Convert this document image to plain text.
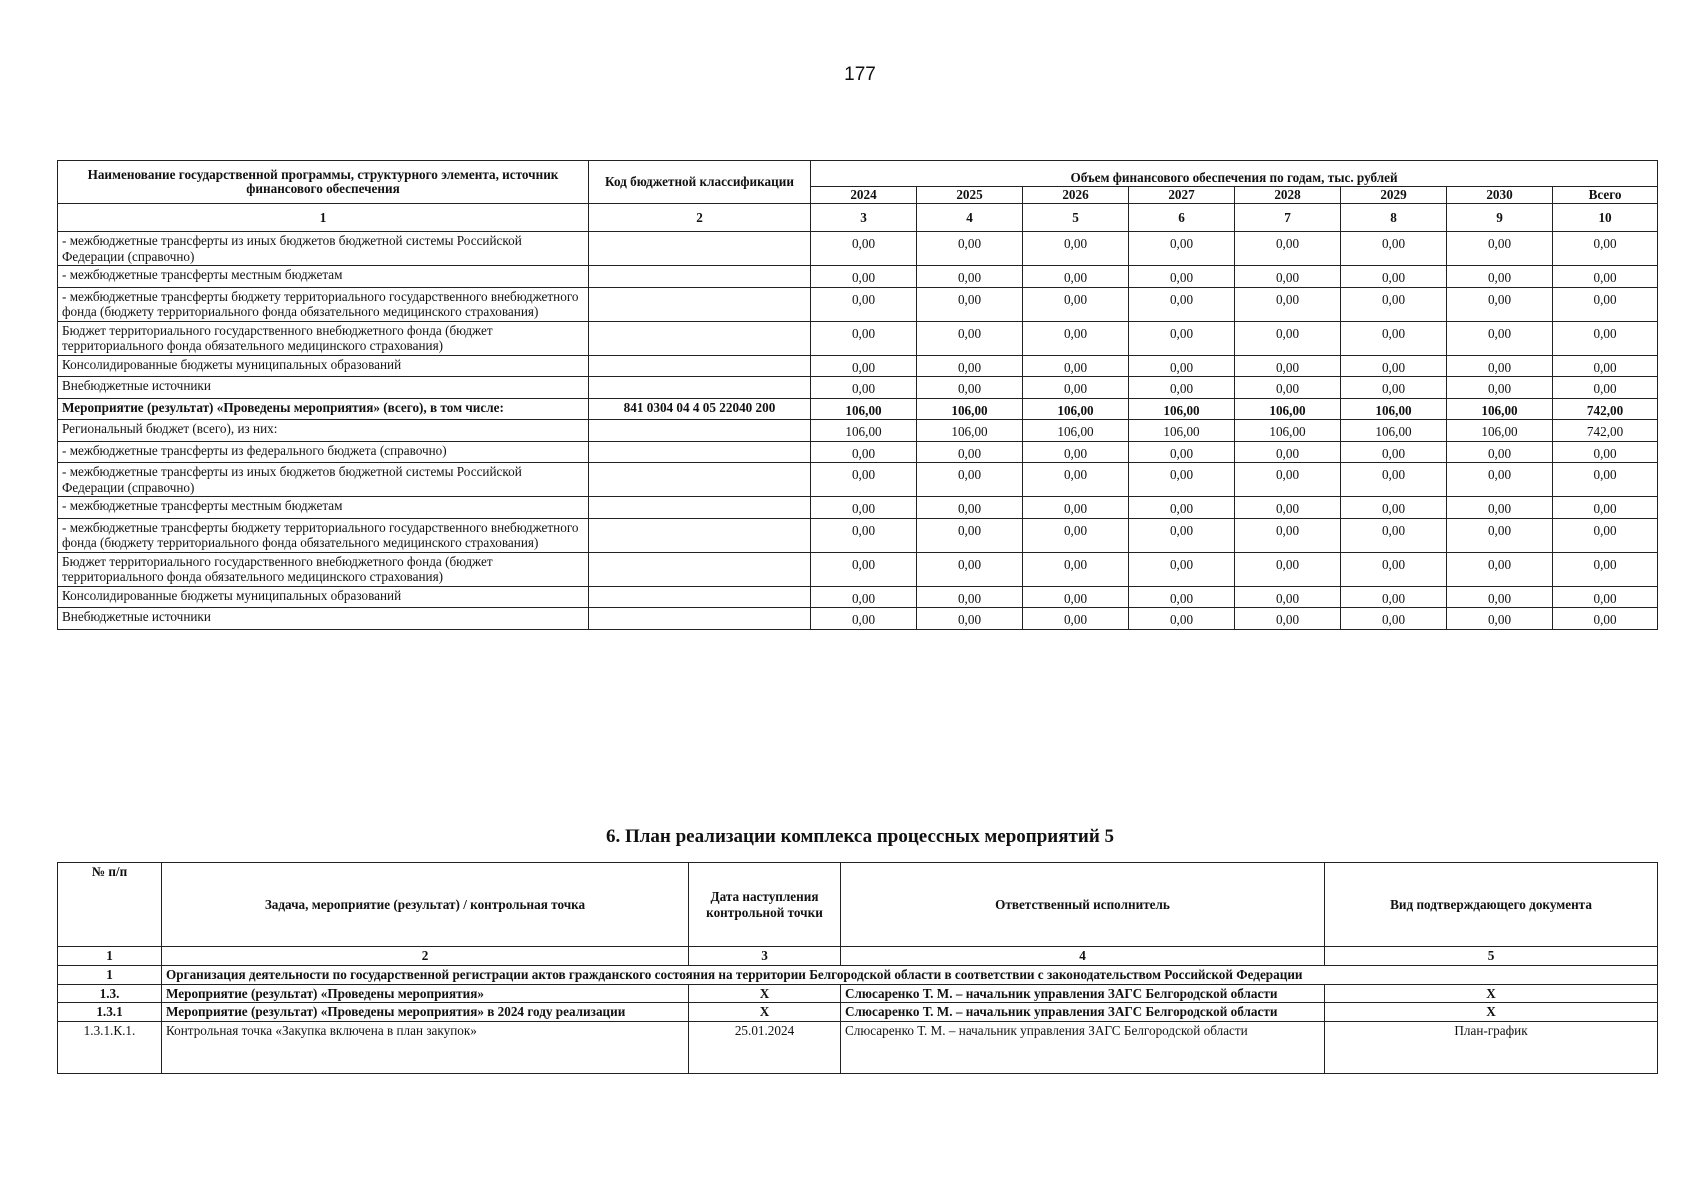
177
Наименование государственной программы, структурного элемента, источник финансового обеспечения	Код бюджетной классификации	Объем финансового обеспечения по годам, тыс. рублей							
		2024	2025	2026	2027	2028	2029	2030	Всего
1	2	3	4	5	6	7	8	9	10
- межбюджетные трансферты из иных бюджетов бюджетной системы Российской Федерации (справочно)		0,00	0,00	0,00	0,00	0,00	0,00	0,00	0,00
- межбюджетные трансферты местным бюджетам		0,00	0,00	0,00	0,00	0,00	0,00	0,00	0,00
- межбюджетные трансферты бюджету территориального государственного внебюджетного фонда (бюджету территориального фонда обязательного медицинского страхования)		0,00	0,00	0,00	0,00	0,00	0,00	0,00	0,00
Бюджет территориального государственного внебюджетного фонда (бюджет территориального фонда обязательного медицинского страхования)		0,00	0,00	0,00	0,00	0,00	0,00	0,00	0,00
Консолидированные бюджеты муниципальных образований		0,00	0,00	0,00	0,00	0,00	0,00	0,00	0,00
Внебюджетные источники		0,00	0,00	0,00	0,00	0,00	0,00	0,00	0,00
Мероприятие (результат) «Проведены мероприятия» (всего), в том числе:	841 0304 04 4 05 22040 200	106,00	106,00	106,00	106,00	106,00	106,00	106,00	742,00
Региональный бюджет (всего), из них:		106,00	106,00	106,00	106,00	106,00	106,00	106,00	742,00
- межбюджетные трансферты из федерального бюджета (справочно)		0,00	0,00	0,00	0,00	0,00	0,00	0,00	0,00
- межбюджетные трансферты из иных бюджетов бюджетной системы Российской Федерации (справочно)		0,00	0,00	0,00	0,00	0,00	0,00	0,00	0,00
- межбюджетные трансферты местным бюджетам		0,00	0,00	0,00	0,00	0,00	0,00	0,00	0,00
- межбюджетные трансферты бюджету территориального государственного внебюджетного фонда (бюджету территориального фонда обязательного медицинского страхования)		0,00	0,00	0,00	0,00	0,00	0,00	0,00	0,00
Бюджет территориального государственного внебюджетного фонда (бюджет территориального фонда обязательного медицинского страхования)		0,00	0,00	0,00	0,00	0,00	0,00	0,00	0,00
Консолидированные бюджеты муниципальных образований		0,00	0,00	0,00	0,00	0,00	0,00	0,00	0,00
Внебюджетные источники		0,00	0,00	0,00	0,00	0,00	0,00	0,00	0,00
6. План реализации комплекса процессных мероприятий 5
№ п/п	Задача, мероприятие (результат) / контрольная точка	Дата наступления контрольной точки	Ответственный исполнитель	Вид подтверждающего документа
1	2	3	4	5
1	Организация деятельности по государственной регистрации актов гражданского состояния на территории Белгородской области в соответствии с законодательством Российской Федерации			
1.3.	Мероприятие (результат) «Проведены мероприятия»	Х	Слюсаренко Т. М. – начальник управления ЗАГС Белгородской области	Х
1.3.1	Мероприятие (результат) «Проведены мероприятия» в 2024 году реализации	Х	Слюсаренко Т. М. – начальник управления ЗАГС Белгородской области	Х
1.3.1.К.1.	Контрольная точка «Закупка включена в план закупок»	25.01.2024	Слюсаренко Т. М. – начальник управления ЗАГС Белгородской области	План-график
